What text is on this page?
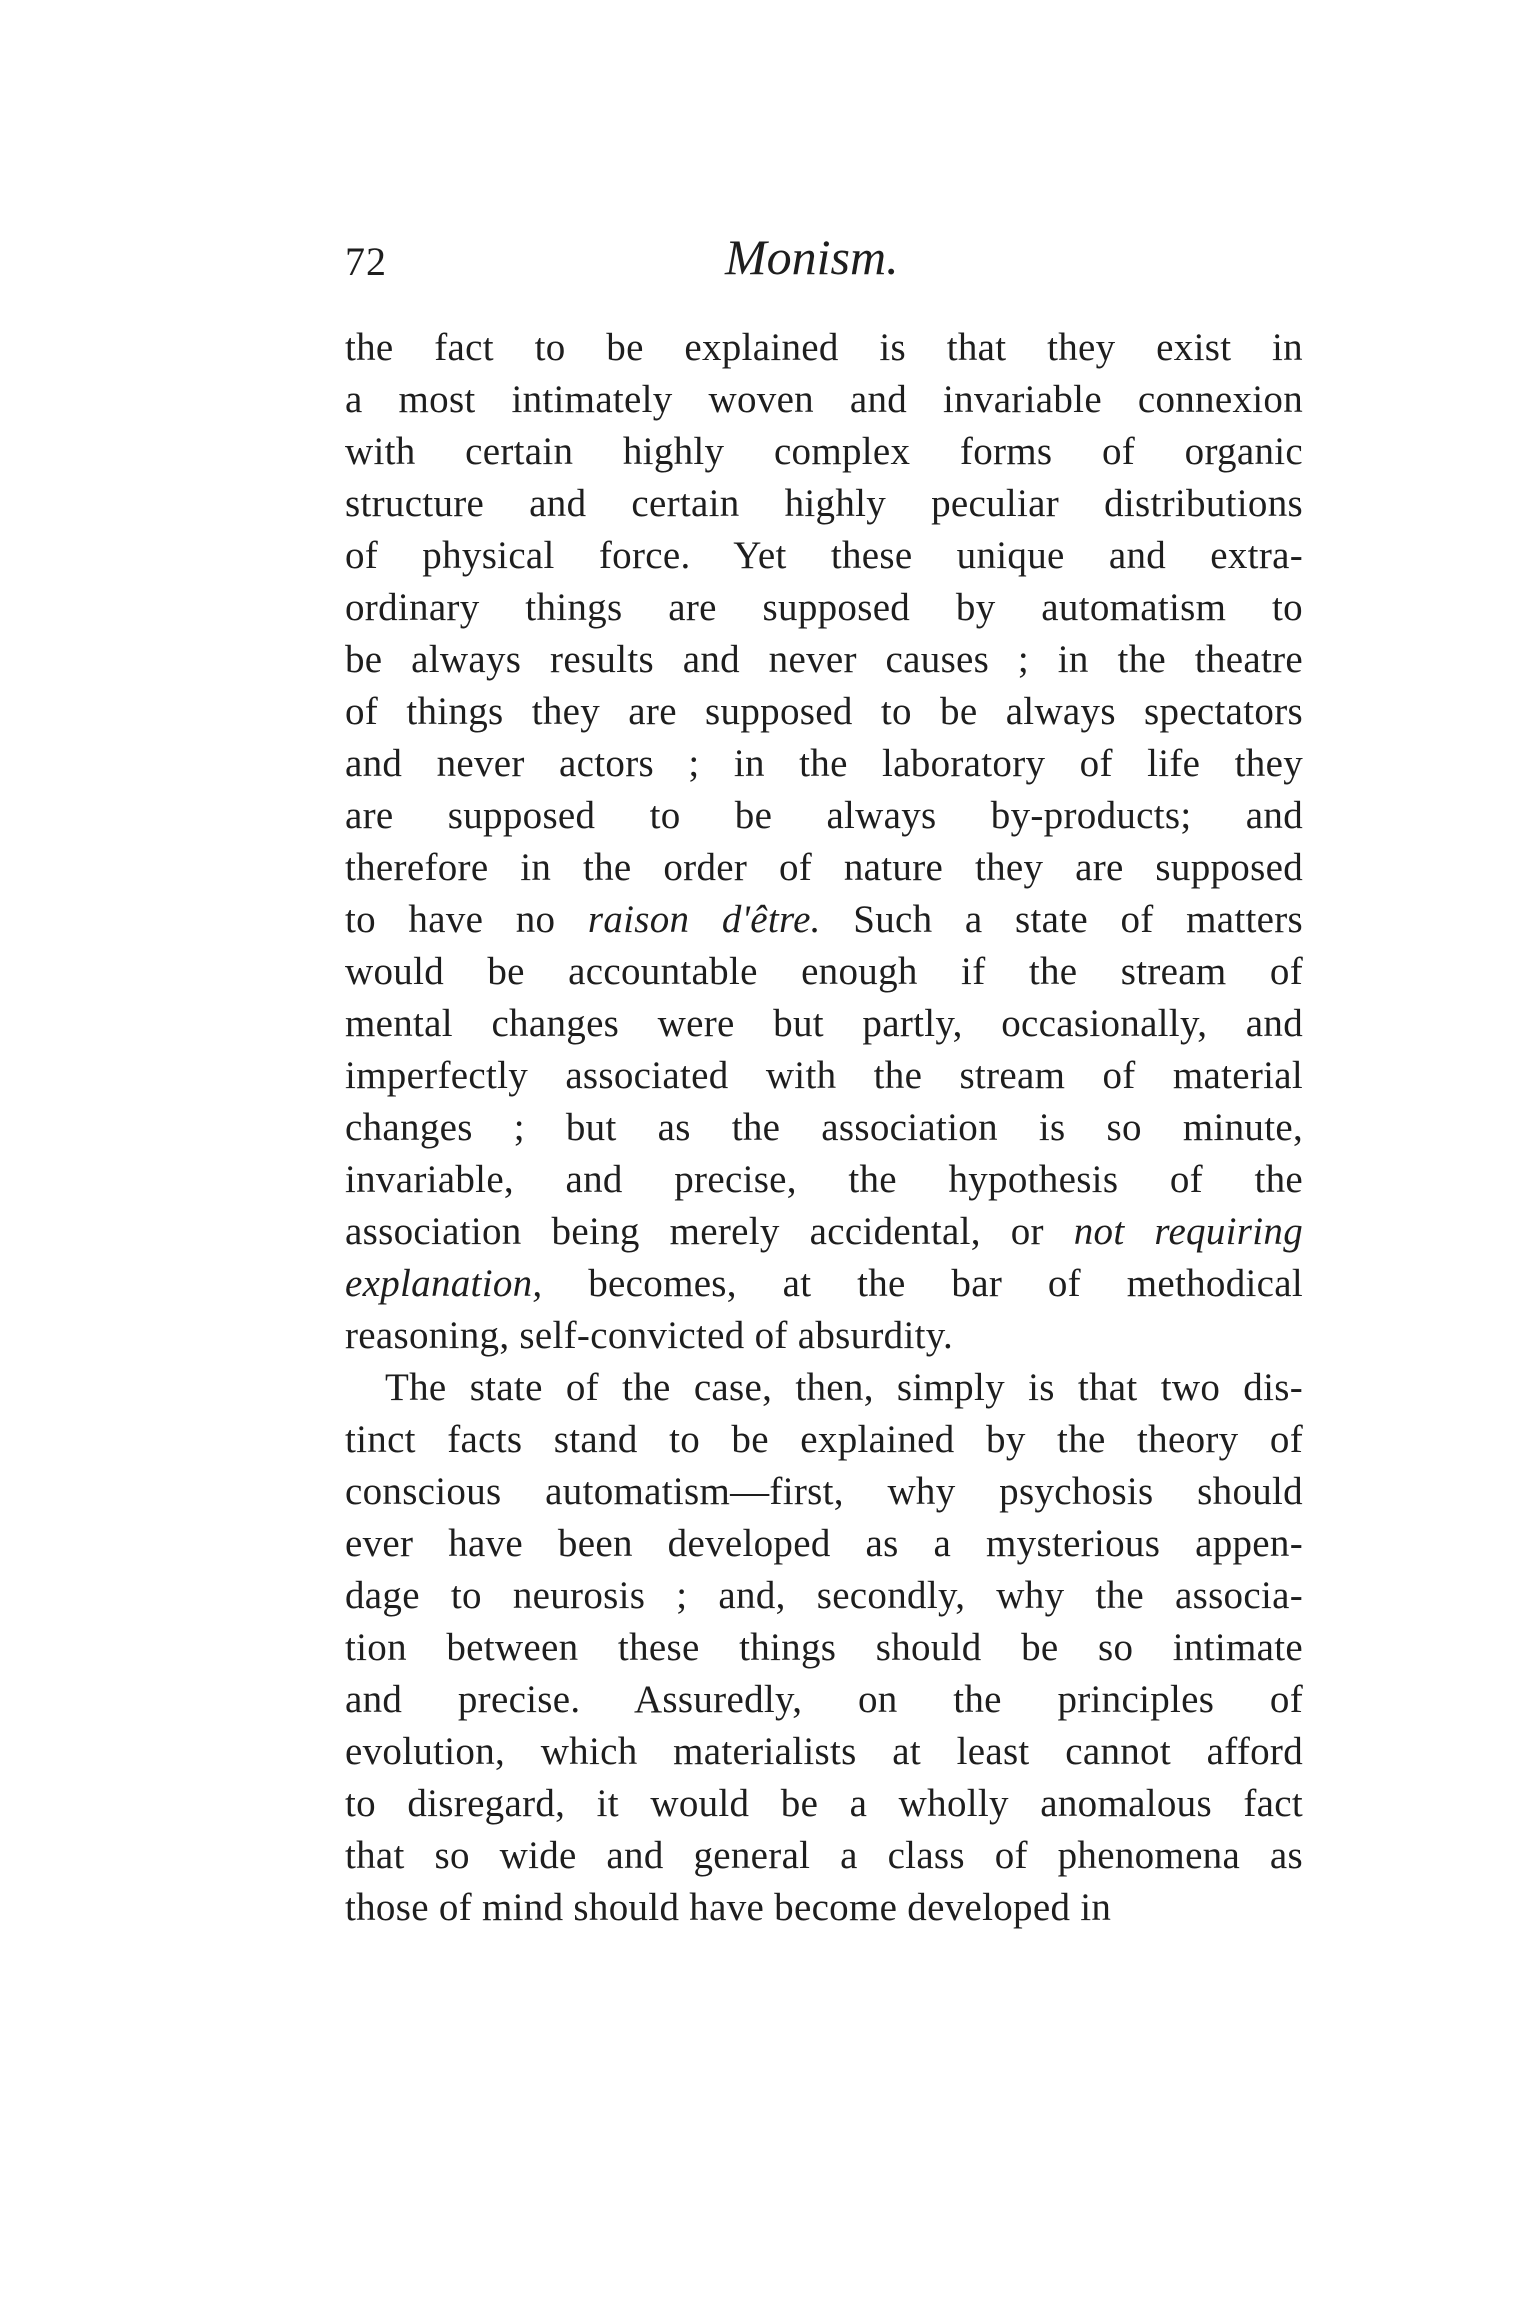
72	Monism.
the fact to be explained is that they exist in
a most intimately woven and invariable connexion
with certain highly complex forms of organic
structure and certain highly peculiar distributions
of physical force. Yet these unique and extra-
ordinary things are supposed by automatism to
be always results and never causes ; in the theatre
of things they are supposed to be always spectators
and never actors ; in the laboratory of life they
are supposed to be always by-products; and
therefore in the order of nature they are supposed
to have no raison d'être. Such a state of matters
would be accountable enough if the stream of
mental changes were but partly, occasionally, and
imperfectly associated with the stream of material
changes ; but as the association is so minute,
invariable, and precise, the hypothesis of the
association being merely accidental, or not requiring
explanation, becomes, at the bar of methodical
reasoning, self-convicted of absurdity.
The state of the case, then, simply is that two dis-
tinct facts stand to be explained by the theory of
conscious automatism—first, why psychosis should
ever have been developed as a mysterious appen-
dage to neurosis ; and, secondly, why the associa-
tion between these things should be so intimate
and precise. Assuredly, on the principles of
evolution, which materialists at least cannot afford
to disregard, it would be a wholly anomalous fact
that so wide and general a class of phenomena as
those of mind should have become developed in
